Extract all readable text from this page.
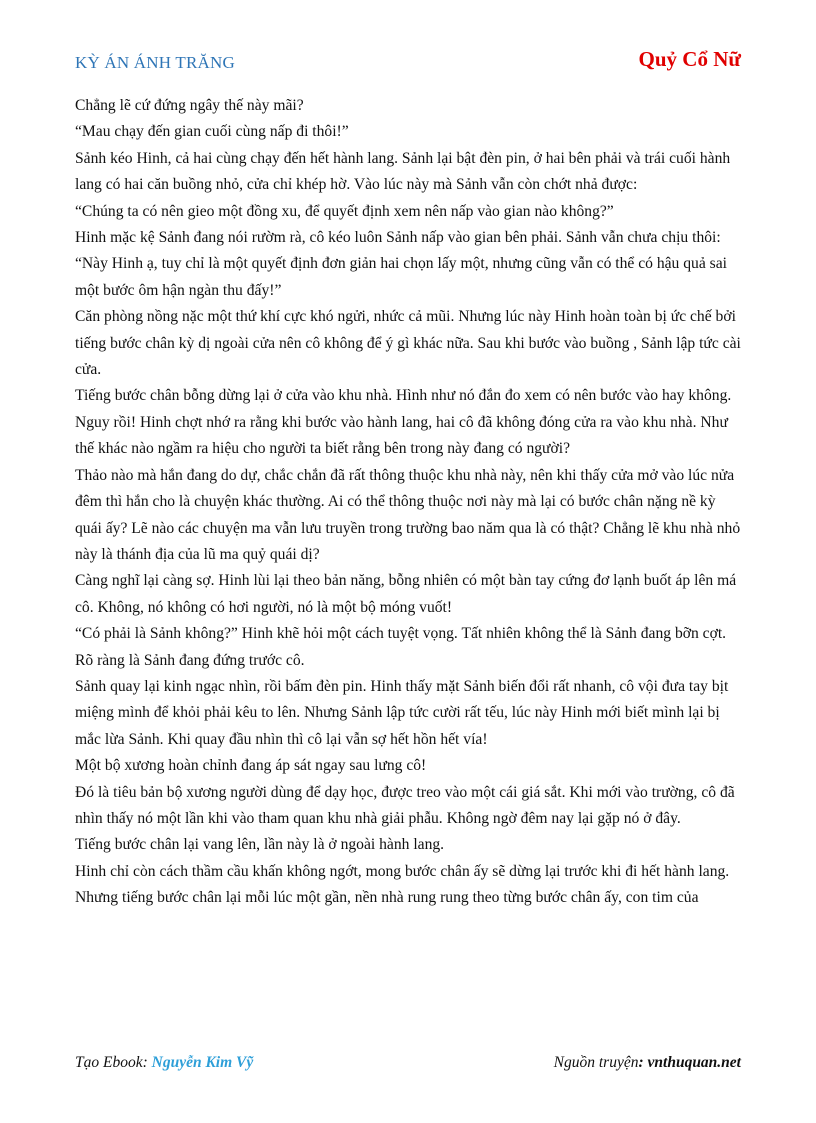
KỲ ÁN ÁNH TRĂNG	Quỷ Cổ Nữ

Chẳng lẽ cứ đứng ngây thế này mãi?

“Mau chạy đến gian cuối cùng nấp đi thôi!”

Sảnh kéo Hinh, cả hai cùng chạy đến hết hành lang. Sảnh lại bật đèn pin, ở hai bên phải và trái cuối hành lang có hai căn buồng nhỏ, cửa chỉ khép hờ. Vào lúc này mà Sảnh vẫn còn chớt nhả được:

“Chúng ta có nên gieo một đồng xu, để quyết định xem nên nấp vào gian nào không?”

Hinh mặc kệ Sảnh đang nói rườm rà, cô kéo luôn Sảnh nấp vào gian bên phải. Sảnh vẫn chưa chịu thôi: “Này Hinh ạ, tuy chỉ là một quyết định đơn giản hai chọn lấy một, nhưng cũng vẫn có thể có hậu quả sai một bước ôm hận ngàn thu đấy!”

Căn phòng nồng nặc một thứ khí cực khó ngửi, nhức cả mũi. Nhưng lúc này Hinh hoàn toàn bị ức chế bởi tiếng bước chân kỳ dị ngoài cửa nên cô không để ý gì khác nữa. Sau khi bước vào buồng , Sảnh lập tức cài cửa.

Tiếng bước chân bỗng dừng lại ở cửa vào khu nhà. Hình như nó đắn đo xem có nên bước vào hay không.

Nguy rồi! Hinh chợt nhớ ra rằng khi bước vào hành lang, hai cô đã không đóng cửa ra vào khu nhà. Như thế khác nào ngầm ra hiệu cho người ta biết rằng bên trong này đang có người?

Thảo nào mà hắn đang do dự, chắc chắn đã rất thông thuộc khu nhà này, nên khi thấy cửa mở vào lúc nửa đêm thì hắn cho là chuyện khác thường. Ai có thể thông thuộc nơi này mà lại có bước chân nặng nề kỳ quái ấy? Lẽ nào các chuyện ma vẫn lưu truyền trong trường bao năm qua là có thật? Chẳng lẽ khu nhà nhỏ này là thánh địa của lũ ma quỷ quái dị?

Càng nghĩ lại càng sợ. Hinh lùi lại theo bản năng, bỗng nhiên có một bàn tay cứng đơ lạnh buốt áp lên má cô. Không, nó không có hơi người, nó là một bộ móng vuốt!

“Có phải là Sảnh không?” Hinh khẽ hỏi một cách tuyệt vọng. Tất nhiên không thể là Sảnh đang bỡn cợt. Rõ ràng là Sảnh đang đứng trước cô.

Sảnh quay lại kinh ngạc nhìn, rồi bấm đèn pin. Hinh thấy mặt Sảnh biến đổi rất nhanh, cô vội đưa tay bịt miệng mình để khỏi phải kêu to lên. Nhưng Sảnh lập tức cười rất tếu, lúc này Hinh mới biết mình lại bị mắc lừa Sảnh. Khi quay đầu nhìn thì cô lại vẫn sợ hết hồn hết vía!

Một bộ xương hoàn chỉnh đang áp sát ngay sau lưng cô!

Đó là tiêu bản bộ xương người dùng để dạy học, được treo vào một cái giá sắt. Khi mới vào trường, cô đã nhìn thấy nó một lần khi vào tham quan khu nhà giải phẫu. Không ngờ đêm nay lại gặp nó ở đây.

Tiếng bước chân lại vang lên, lần này là ở ngoài hành lang.

Hinh chỉ còn cách thầm cầu khấn không ngớt, mong bước chân ấy sẽ dừng lại trước khi đi hết hành lang.

Nhưng tiếng bước chân lại mỗi lúc một gần, nền nhà rung rung theo từng bước chân ấy, con tim của

Tạo Ebook: Nguyễn Kim Vỹ	Nguồn truyện: vnthuquan.net
